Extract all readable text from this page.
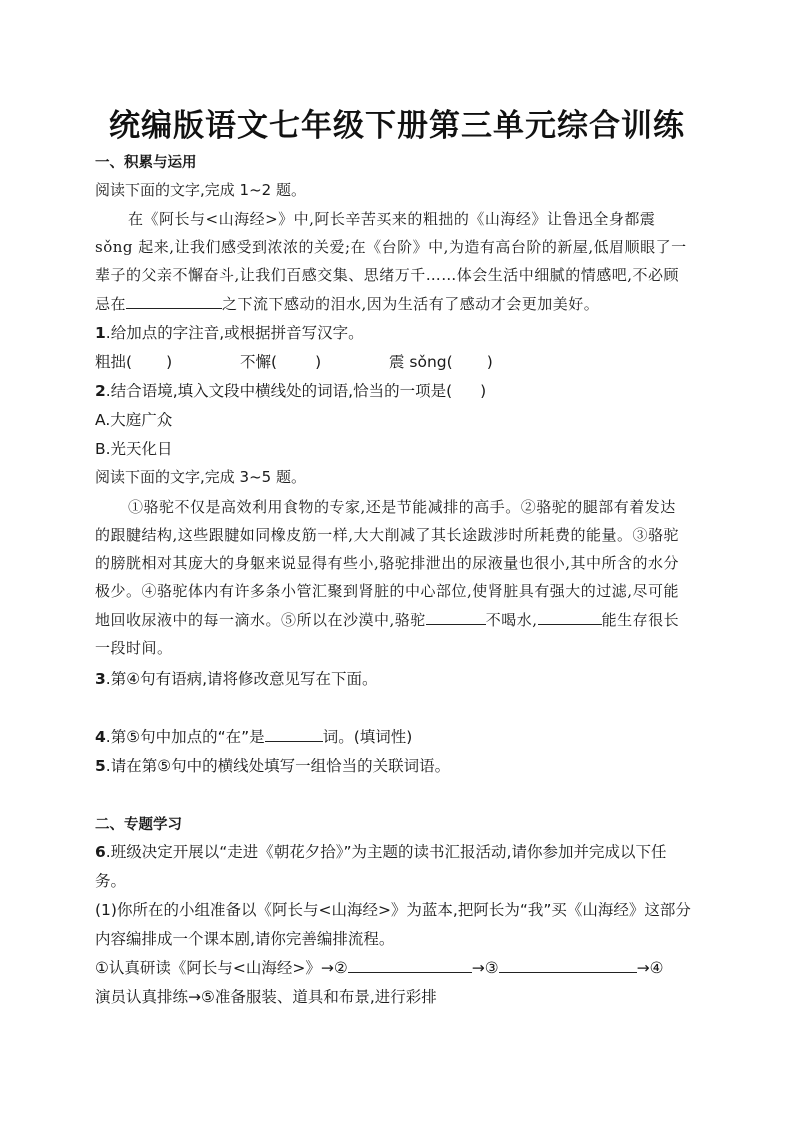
统编版语文七年级下册第三单元综合训练
一、积累与运用
阅读下面的文字,完成 1~2 题。
在《阿长与<山海经>》中,阿长辛苦买来的粗拙的《山海经》让鲁迅全身都震
sǒng 起来,让我们感受到浓浓的关爱;在《台阶》中,为造有高台阶的新屋,低眉顺眼了一
辈子的父亲不懈奋斗,让我们百感交集、思绪万千……体会生活中细腻的情感吧,不必顾
忌在	之下流下感动的泪水,因为生活有了感动才会更加美好。
1.给加点的字注音,或根据拼音写汉字。
粗拙( )	不懈( )	震 sǒng( )
2.结合语境,填入文段中横线处的词语,恰当的一项是( )
A.大庭广众
B.光天化日
阅读下面的文字,完成 3~5 题。
①骆驼不仅是高效利用食物的专家,还是节能减排的高手。②骆驼的腿部有着发达
的跟腱结构,这些跟腱如同橡皮筋一样,大大削减了其长途跋涉时所耗费的能量。③骆驼
的膀胱相对其庞大的身躯来说显得有些小,骆驼排泄出的尿液量也很小,其中所含的水分
极少。④骆驼体内有许多条小管汇聚到肾脏的中心部位,使肾脏具有强大的过滤,尽可能
地回收尿液中的每一滴水。⑤所以在沙漠中,骆驼	不喝水,	能生存很长
一段时间。
3.第④句有语病,请将修改意见写在下面。
4.第⑤句中加点的“在”是	词。(填词性)
5.请在第⑤句中的横线处填写一组恰当的关联词语。
二、专题学习
6.班级决定开展以“走进《朝花夕拾》”为主题的读书汇报活动,请你参加并完成以下任
务。
(1)你所在的小组准备以《阿长与<山海经>》为蓝本,把阿长为“我”买《山海经》这部分
内容编排成一个课本剧,请你完善编排流程。
①认真研读《阿长与<山海经>》→②	→③	→④
演员认真排练→⑤准备服装、道具和布景,进行彩排
